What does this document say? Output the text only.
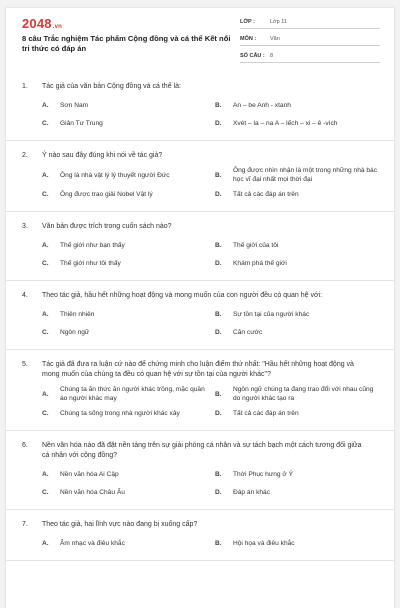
2048.vn
8 câu Trắc nghiệm Tác phẩm Cộng đồng và cá thể Kết nối tri thức có đáp án
LỚP :	Lớp 11
MÔN :	Văn
SỐ CÂU : 8
1.	Tác giả của văn bản Cộng đồng và cá thể là:
A.	Sơn Nam	B.	An – be Anh - xtanh
C.	Giản Tư Trung	D.	Xvét – la – na A – lếch – xi – ê -vích
2.	Ý nào sau đây đúng khi nói về tác giả?
A.	Ông là nhà vật lý lý thuyết người Đức	B.
Ông được nhìn nhận là một trong những nhà bác học vĩ đại nhất mọi thời đại
C.	Ông được trao giải Nobel Vật lý	D.	Tất cả các đáp án trên
3.	Văn bản được trích trong cuốn sách nào?
A.	Thế giới như bạn thấy	B.	Thế giới của tôi
C.	Thế giới như tôi thấy	D.	Khám phá thế giới
4.	Theo tác giả, hầu hết những hoạt động và mong muốn của con người đều có quan hệ với:
A.	Thiên nhiên	B.	Sự tồn tại của người khác
C.	Ngôn ngữ	D.	Căn cước
5.	Tác giả đã đưa ra luận cứ nào để chứng minh cho luận điểm thứ nhất: "Hầu hết những hoạt động và mong muốn của chúng ta đều có quan hệ với sự tồn tại của người khác"?
A.
Chúng ta ăn thức ăn người khác trồng, mặc quần áo người khác may
B.
Ngôn ngữ chúng ta đang trao đổi với nhau cũng do người khác tạo ra
C.	Chúng ta sống trong nhà người khác xây	D.	Tất cả các đáp án trên
6.	Nền văn hóa nào đã đặt nền tảng trên sự giải phóng cá nhân và sự tách bạch một cách tương đối giữa cá nhân với cộng đồng?
A.	Nền văn hóa Ai Cập	B.	Thời Phục hưng ở Ý
C.	Nền văn hóa Châu Âu	D.	Đáp án khác
7.	Theo tác giả, hai lĩnh vực nào đang bị xuống cấp?
A.	Âm nhạc và điêu khắc	B.	Hội họa và điêu khắc
